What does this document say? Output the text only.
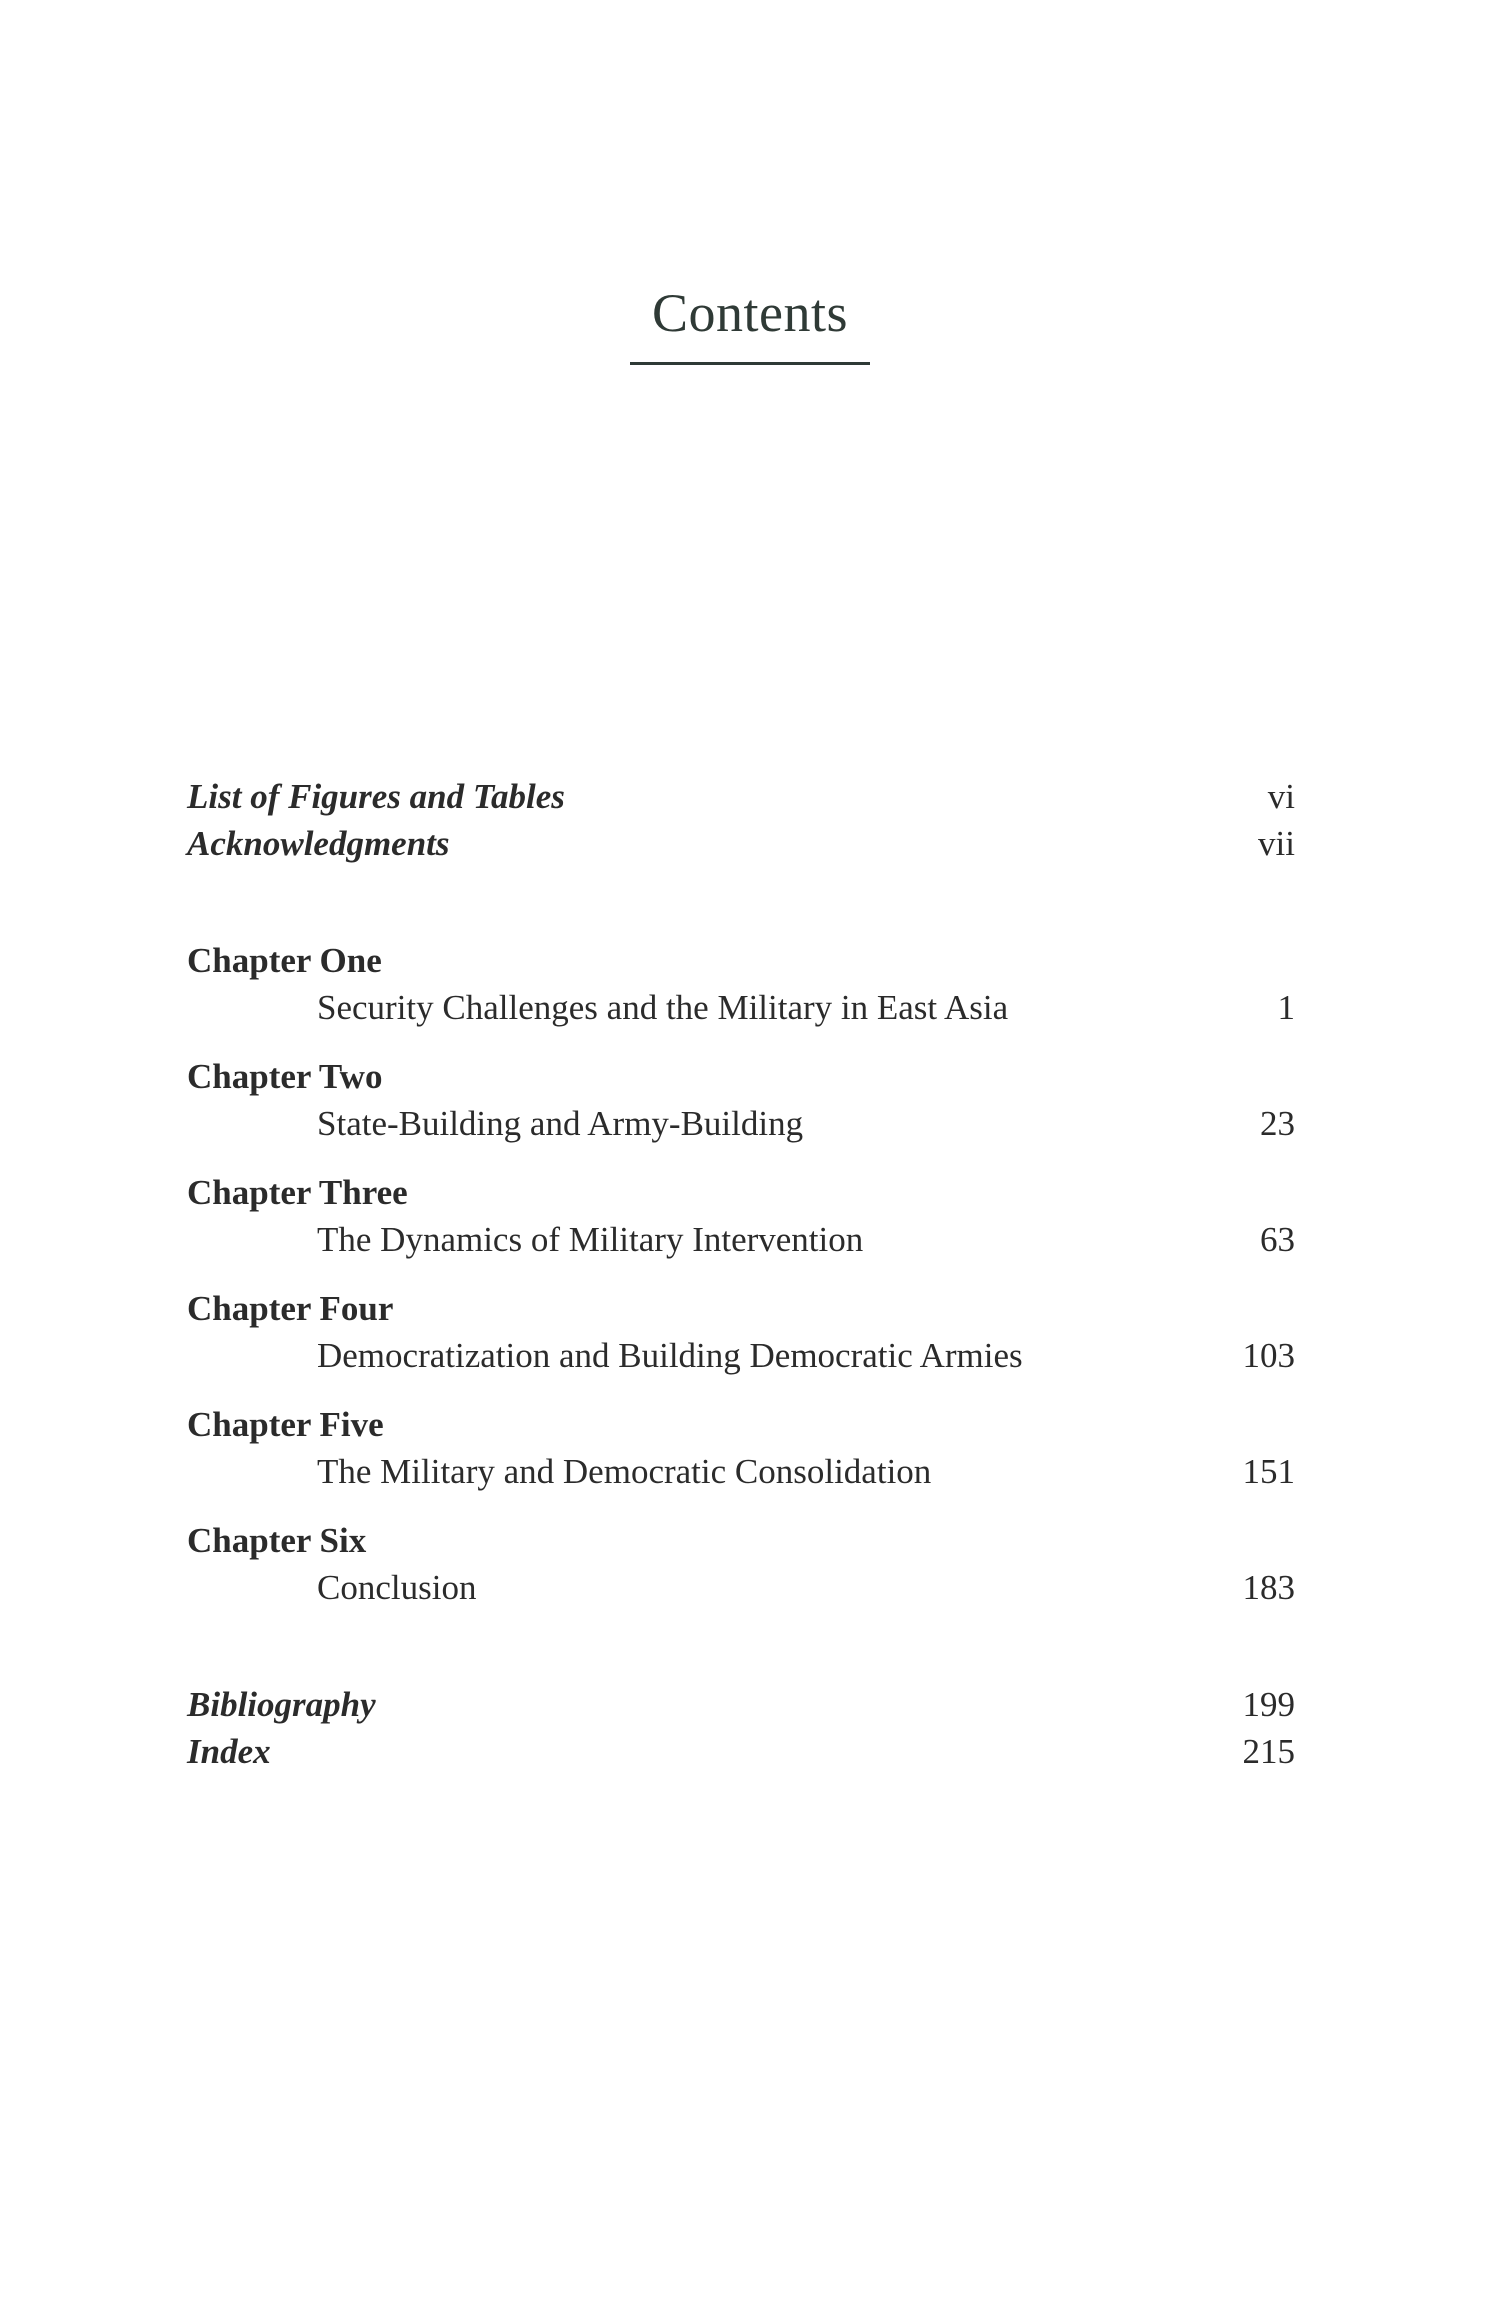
Contents
List of Figures and Tables	vi
Acknowledgments	vii
Chapter One
Security Challenges and the Military in East Asia	1
Chapter Two
State-Building and Army-Building	23
Chapter Three
The Dynamics of Military Intervention	63
Chapter Four
Democratization and Building Democratic Armies	103
Chapter Five
The Military and Democratic Consolidation	151
Chapter Six
Conclusion	183
Bibliography	199
Index	215
